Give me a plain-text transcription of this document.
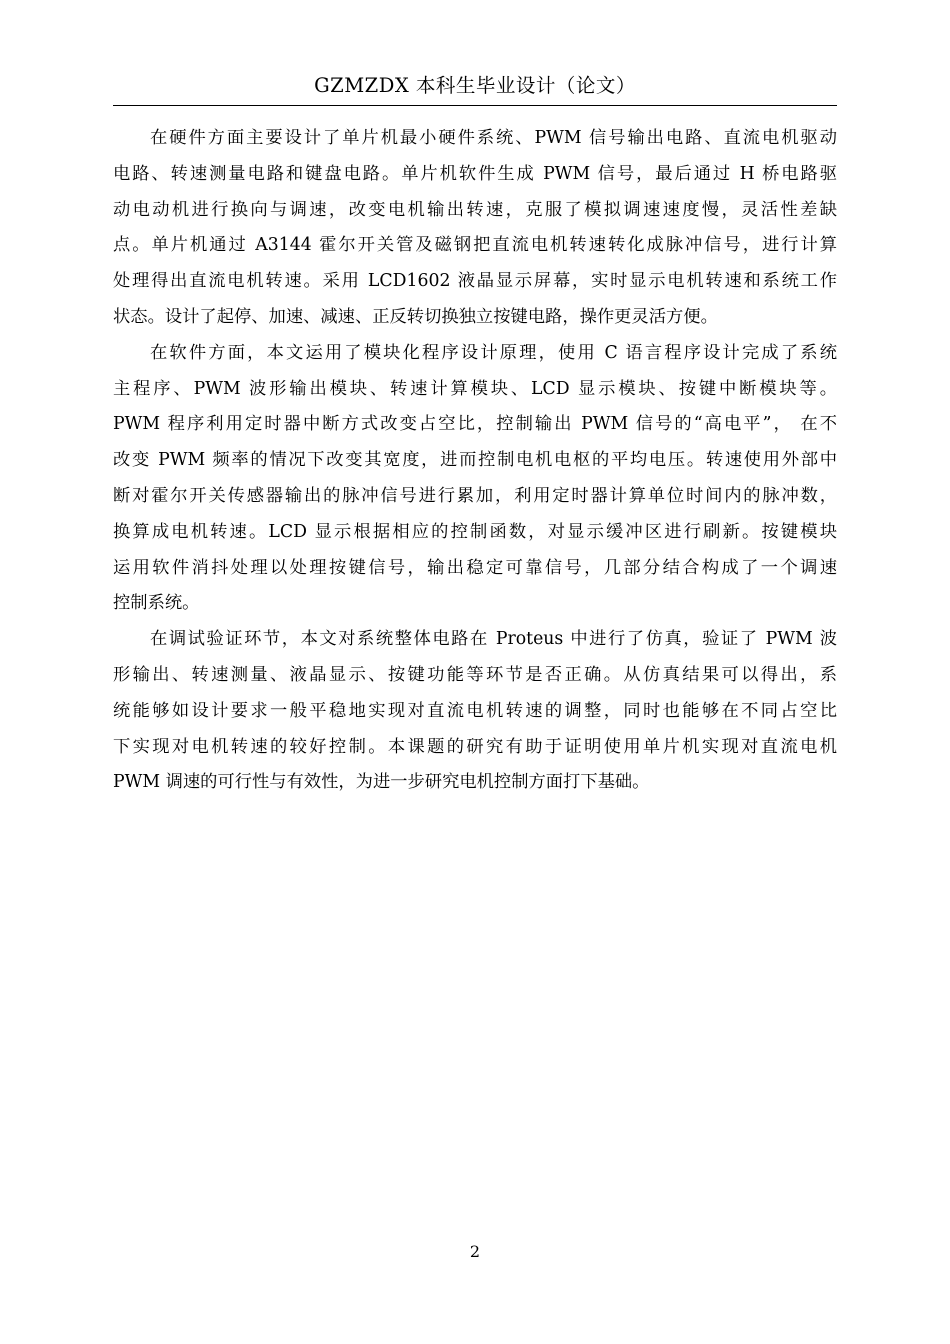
GZMZDX 本科生毕业设计（论文）
在硬件方面主要设计了单片机最小硬件系统、PWM 信号输出电路、直流电机驱动
电路、转速测量电路和键盘电路。单片机软件生成 PWM 信号，最后通过 H 桥电路驱
动电动机进行换向与调速，改变电机输出转速，克服了模拟调速速度慢，灵活性差缺
点。单片机通过 A3144 霍尔开关管及磁钢把直流电机转速转化成脉冲信号，进行计算
处理得出直流电机转速。采用 LCD1602 液晶显示屏幕，实时显示电机转速和系统工作
状态。设计了起停、加速、减速、正反转切换独立按键电路，操作更灵活方便。
在软件方面，本文运用了模块化程序设计原理，使用 C 语言程序设计完成了系统
主程序、PWM 波形输出模块、转速计算模块、LCD 显示模块、按键中断模块等。
PWM 程序利用定时器中断方式改变占空比，控制输出 PWM 信号的“高电平”， 在不
改变 PWM 频率的情况下改变其宽度，进而控制电机电枢的平均电压。转速使用外部中
断对霍尔开关传感器输出的脉冲信号进行累加，利用定时器计算单位时间内的脉冲数，
换算成电机转速。LCD 显示根据相应的控制函数，对显示缓冲区进行刷新。按键模块
运用软件消抖处理以处理按键信号，输出稳定可靠信号，几部分结合构成了一个调速
控制系统。
在调试验证环节，本文对系统整体电路在 Proteus 中进行了仿真，验证了 PWM 波
形输出、转速测量、液晶显示、按键功能等环节是否正确。从仿真结果可以得出，系
统能够如设计要求一般平稳地实现对直流电机转速的调整，同时也能够在不同占空比
下实现对电机转速的较好控制。本课题的研究有助于证明使用单片机实现对直流电机
PWM 调速的可行性与有效性，为进一步研究电机控制方面打下基础。
2
